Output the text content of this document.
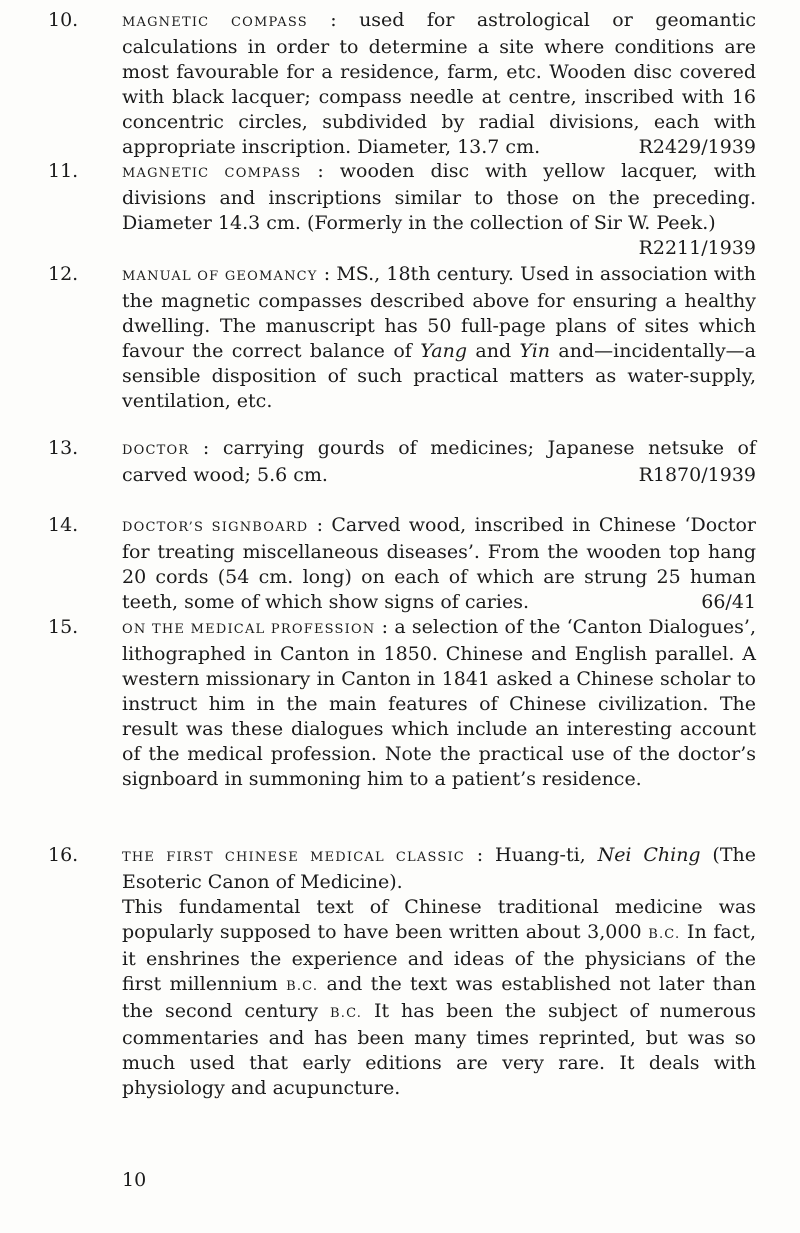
10.	MAGNETIC COMPASS : used for astrological or geomantic calculations in order to determine a site where conditions are most favourable for a residence, farm, etc. Wooden disc covered with black lacquer; compass needle at centre, inscribed with 16 concentric circles, subdivided by radial divisions, each with appropriate inscription. Diameter, 13.7 cm.	R2429/1939
11.	MAGNETIC COMPASS : wooden disc with yellow lacquer, with divisions and inscriptions similar to those on the preceding. Diameter 14.3 cm. (Formerly in the collection of Sir W. Peek.)
R2211/1939
12.	MANUAL OF GEOMANCY : MS., 18th century. Used in association with the magnetic compasses described above for ensuring a healthy dwelling. The manuscript has 50 full-page plans of sites which favour the correct balance of Yang and Yin and—incidentally—a sensible disposition of such practical matters as water-supply, ventilation, etc.
13.	DOCTOR : carrying gourds of medicines; Japanese netsuke of carved wood; 5.6 cm.	R1870/1939
14.	DOCTOR’S SIGNBOARD : Carved wood, inscribed in Chinese ‘Doctor for treating miscellaneous diseases’. From the wooden top hang 20 cords (54 cm. long) on each of which are strung 25 human teeth, some of which show signs of caries.	66/41
15.	ON THE MEDICAL PROFESSION : a selection of the ‘Canton Dialogues’, lithographed in Canton in 1850. Chinese and English parallel. A western missionary in Canton in 1841 asked a Chinese scholar to instruct him in the main features of Chinese civilization. The result was these dialogues which include an interesting account of the medical profession. Note the practical use of the doctor’s signboard in summoning him to a patient’s residence.
16.	THE FIRST CHINESE MEDICAL CLASSIC : Huang-ti, Nei Ching (The Esoteric Canon of Medicine).
This fundamental text of Chinese traditional medicine was popularly supposed to have been written about 3,000 B.C. In fact, it enshrines the experience and ideas of the physicians of the first millennium B.C. and the text was established not later than the second century B.C. It has been the subject of numerous commentaries and has been many times reprinted, but was so much used that early editions are very rare. It deals with physiology and acupuncture.
10
